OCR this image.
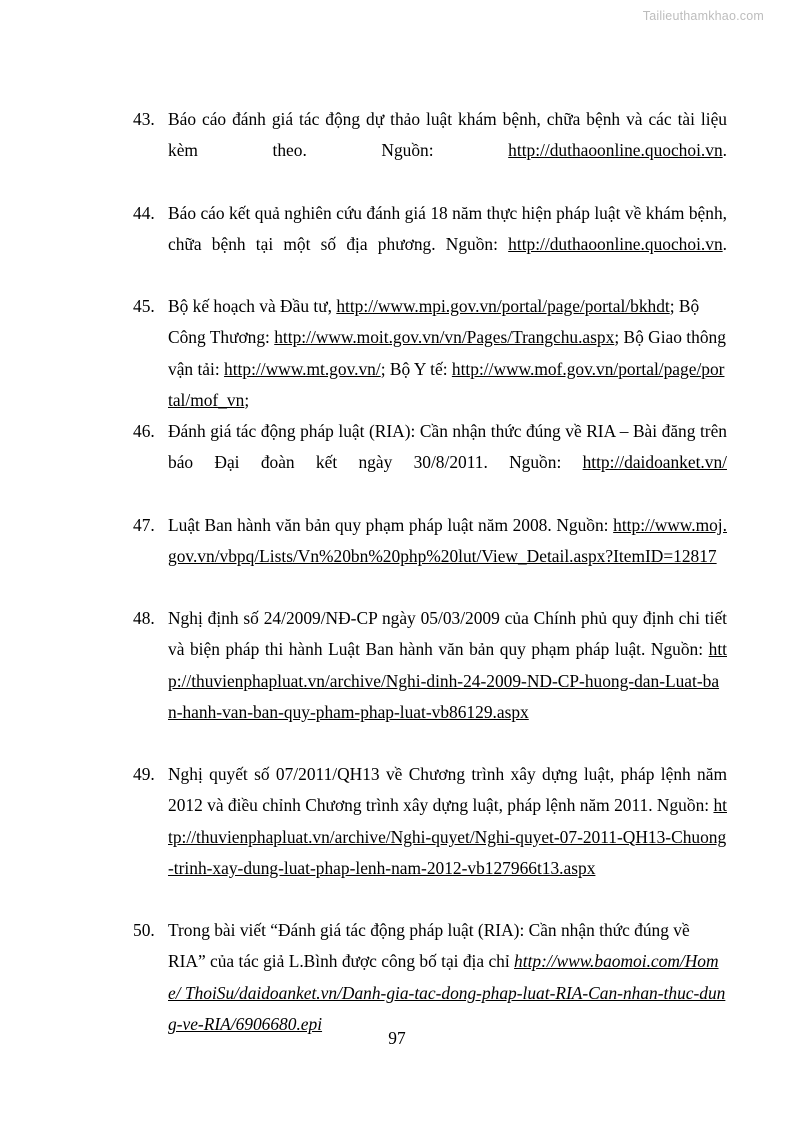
Tailieuthamkhao.com
43. Báo cáo đánh giá tác động dự thảo luật khám bệnh, chữa bệnh và các tài liệu kèm theo. Nguồn: http://duthaoonline.quochoi.vn.
44. Báo cáo kết quả nghiên cứu đánh giá 18 năm thực hiện pháp luật về khám bệnh, chữa bệnh tại một số địa phương. Nguồn: http://duthaoonline.quochoi.vn.
45. Bộ kế hoạch và Đầu tư, http://www.mpi.gov.vn/portal/page/portal/bkhdt; Bộ Công Thương: http://www.moit.gov.vn/vn/Pages/Trangchu.aspx; Bộ Giao thông vận tải: http://www.mt.gov.vn/; Bộ Y tế: http://www.mof.gov.vn/portal/page/portal/mof_vn;
46. Đánh giá tác động pháp luật (RIA): Cần nhận thức đúng về RIA – Bài đăng trên báo Đại đoàn kết ngày 30/8/2011. Nguồn: http://daidoanket.vn/
47. Luật Ban hành văn bản quy phạm pháp luật năm 2008. Nguồn: http://www.moj.gov.vn/vbpq/Lists/Vn%20bn%20php%20lut/View_Detail.aspx?ItemID=12817
48. Nghị định số 24/2009/NĐ-CP ngày 05/03/2009 của Chính phủ quy định chi tiết và biện pháp thi hành Luật Ban hành văn bản quy phạm pháp luật. Nguồn: http://thuvienphapluat.vn/archive/Nghi-dinh-24-2009-ND-CP-huong-dan-Luat-ban-hanh-van-ban-quy-pham-phap-luat-vb86129.aspx
49. Nghị quyết số 07/2011/QH13 về Chương trình xây dựng luật, pháp lệnh năm 2012 và điều chỉnh Chương trình xây dựng luật, pháp lệnh năm 2011. Nguồn: http://thuvienphapluat.vn/archive/Nghi-quyet/Nghi-quyet-07-2011-QH13-Chuong-trinh-xay-dung-luat-phap-lenh-nam-2012-vb127966t13.aspx
50. Trong bài viết “Đánh giá tác động pháp luật (RIA): Cần nhận thức đúng về RIA” của tác giả L.Bình được công bố tại địa chỉ http://www.baomoi.com/Home/ ThoiSu/daidoanket.vn/Danh-gia-tac-dong-phap-luat-RIA-Can-nhan-thuc-dung-ve-RIA/6906680.epi
97
